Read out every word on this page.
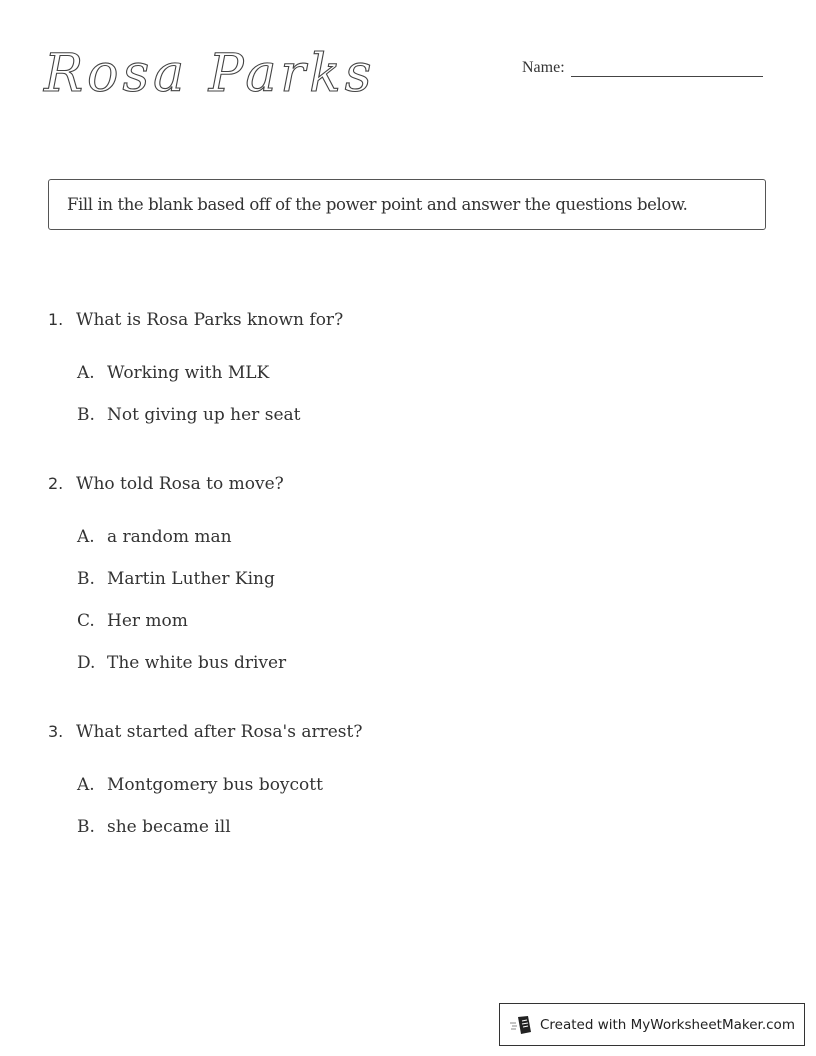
Rosa Parks	Name:
Fill in the blank based off of the power point and answer the questions below.
1. What is Rosa Parks known for?
A. Working with MLK
B. Not giving up her seat
2. Who told Rosa to move?
A. a random man
B. Martin Luther King
C. Her mom
D. The white bus driver
3. What started after Rosa's arrest?
A. Montgomery bus boycott
B. she became ill
Created with MyWorksheetMaker.com
